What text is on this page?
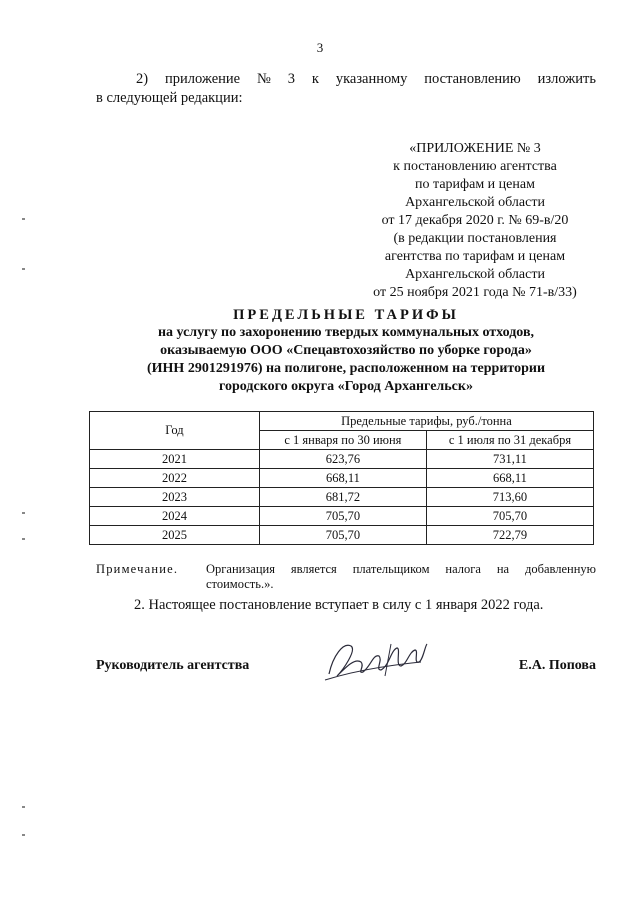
3
2) приложение № 3 к указанному постановлению изложить
в следующей редакции:
«ПРИЛОЖЕНИЕ № 3
к постановлению агентства
по тарифам и ценам
Архангельской области
от 17 декабря 2020 г. № 69-в/20
(в редакции постановления
агентства по тарифам и ценам
Архангельской области
от 25 ноября 2021 года № 71-в/33)
ПРЕДЕЛЬНЫЕ ТАРИФЫ
на услугу по захоронению твердых коммунальных отходов,
оказываемую ООО «Спецавтохозяйство по уборке города»
(ИНН 2901291976) на полигоне, расположенном на территории
городского округа «Город Архангельск»
Год	Предельные тарифы, руб./тонна	
	с 1 января по 30 июня	с 1 июля по 31 декабря
2021	623,76	731,11
2022	668,11	668,11
2023	681,72	713,60
2024	705,70	705,70
2025	705,70	722,79
Примечание.	Организация является плательщиком налога на добавленную
стоимость.».
2. Настоящее постановление вступает в силу с 1 января 2022 года.
Руководитель агентства	Е.А. Попова
